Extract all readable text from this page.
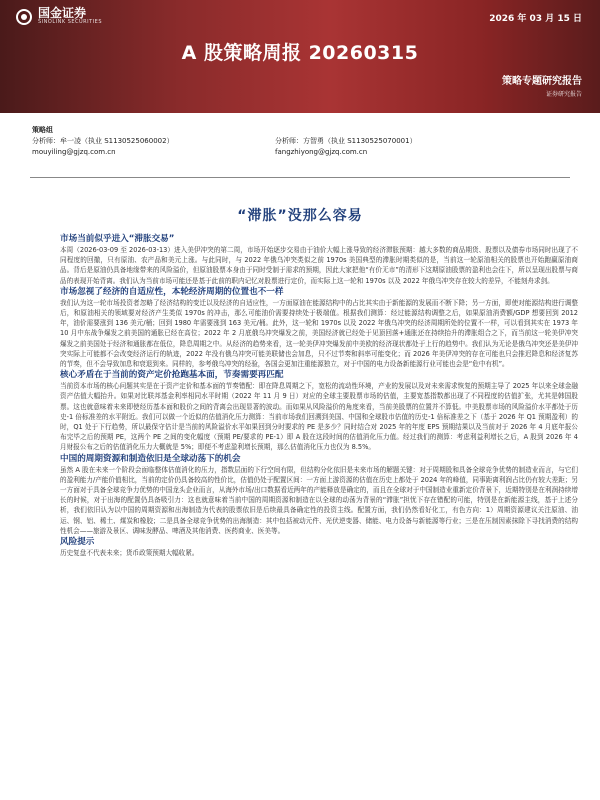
国金证券
SINOLINK SECURITIES	2026 年 03 月 15 日
A 股策略周报 20260315
策略专题研究报告
证券研究报告
策略组
分析师：牟一凌（执业 S1130525060002）	分析师：方智勇（执业 S1130525070001）
mouyiling@gjzq.com.cn	fangzhiyong@gjzq.com.cn
“滞胀”没那么容易
市场当前似乎进入“滞胀交易”
本周（2026-03-09 至 2026-03-13）进入美伊冲突的第二周，市场开始逐步交易由于油价大幅上涨导致的经济滞胀预期：越大多数的商品期货、股票以及债券市场同时出现了不同程度的回撤，只有原油、农产品和美元上涨。与此同时，与 2022 年俄乌冲突类似之前 1970s 美国典型的滞胀时期类似的是，当前这一轮原油相关的股票也开始跑赢原油商品。背后是原油仍具备地缘带来的风险溢价，但原油股票本身由于同时受制于需求的预期，因此大家把他“有价无市”的清形下这期原油股票的盈利也会往下，所以呈现出股票与商品的表现开始背离。我们认为当前市场可能还是基于此前的职内记忆对股票进行定价，而实际上这一轮和 1970s 以及 2022 年俄乌冲突存在较大的差异，不能刻舟求剑。
市场忽视了经济的自适应性，本轮经济周期的位置也不一样
我们认为这一轮市场投资者忽略了经济结构的变迁以及经济的自适应性，一方面原油在能源结构中的占比其实由于新能源的发展而不断下降；另一方面，即使对能源结构进行调整后，和原油相关的领域要对经济产生类似 1970s 的冲击，那么可能油价需要持续处于极端值。根据我们测算：经过能源结构调整之后，如果原油消费额/GDP 想要回到 2012 年，油价需要涨到 136 美元/桶；回到 1980 年需要涨到 163 美元/桶。此外，这一轮和 1970s 以及 2022 年俄乌冲突的经济周期所处的位置不一样，可以看到其实在 1973 年 10 月中东战争爆发之前美国的通胀已经在高位；2022 年 2 月底俄乌冲突爆发之前，美国经济就已经处于见顶回落+通胀还在持续抬升的滞胀组合之下，而当前这一轮美伊冲突爆发之前美国处于经济和通胀都在低位，降息周期之中。从经济的趋势来看，这一轮美伊冲突爆发前中美欧的经济现状都处于上行的趋势中。我们认为无论是俄乌冲突还是美伊冲突实际上可能都不会改变经济运行的轨迹，2022 年没有俄乌冲突可能美联储也会加息，只不过节奏和斜率可能变化；而 2026 年美伊冲突的存在可能也只会推迟降息和经济复苏的节奏，但不会导致加息和衰退到来。同样的，参考俄乌冲突的经验，各国会更加注重能源独立，对于中国的电力设备新能源行业可能也会是“危中有机”。
核心矛盾在于当前的资产定价抢跑基本面，节奏需要再匹配
当前资本市场的核心问题其实是在于资产定价和基本面的节奏错配：即在降息周期之下，宽松的流动性环境，产业的发展以及对未来需求恢复的预期主导了 2025 年以来全球金融资产估值大幅抬升。如果对比联邦基金利率相同水平时期（2022 年 11 月 9 日）对应的全球主要股票市场的估值，主要宽基指数都出现了不同程度的估值扩张，尤其是韩国股票。这也就意味着未来即使经历基本面和股价之间的背离会出现显著的波动。而如果从风险溢价的角度来看，当前美股票的位置并不算低。中美股票市场的风险溢价水平都处于历史-1 倍标准差的水平附近。我们可以做一个近似的估值消化压力测算：当前市场我们回溯到美国、中国和全球股市估值的历史-1 倍标准差之下（基于 2026 年 Q1 预期盈利）的时，Q1 处于下行趋势，所以最保守估计是当前的风险溢价水平如果回到分时要求的 PE 是多少？同时结合对 2025 年的年度 EPS 预期结果以及当前对于 2026 年 4 月底年报公布完毕之后的预期 PE，这两个 PE 之间的变化幅度（预期 PE/要求的 PE-1）即 A 股在这段时间的估值消化压力值。经过我们的测算：考虑利益利增长之后，A 股到 2026 年 4 月财报公布之后的估值消化压力大概就是 5%；即便不考虑盈利增长预期，那么估值消化压力也仅为 8.5%。
中国的周期资源和制造依旧是全球动荡下的机会
虽然 A 股在未来一个阶段会面临整体估值消化的压力，指数层面的下行空间有限，但结构分化依旧是未来市场的解题关键：对于周期股和具备全球竞争优势的制造业而言，与它们的盈利能力/产能价值相比，当前的定价仍具备较高的性价比，估值仍处于配置区间：一方面上游资源的估值在历史上都处于 2024 年的峰值，同事距离利润占比仍有较大差距；另一方面对于具备全球竞争力优势的中国龙头企业而言，从海外市场/出口数据看近两年的产能释放是确定的，而且在全球对于中国制造业重新定价背景下，近期特别是在利润持续增长的时候，对于出海的配置仍具备吸引力：这也就意味着当前中国的周期资源和制造在以全球的动荡为背景的“滞胀”担忧下存在错配的可能，特别是在新能源主线，基于上述分析，我们依旧认为以中国的周期资源和出海制造为代表的股票依旧是后续最具备确定性的投资主线。配置方面，我们仍然看好化工，有色方向：1）周期资源建议关注原油、油运、钢、铝、稀土、煤炭和橡胶；二是具备全球竞争优势的出海制造：其中包括被动元件、光伏逆变器、储能、电力设备与新能源等行业；三是在压制因素抹除下寻找消费的结构性机会——旅游及景区、调味发酵品、啤酒及其他消费、医药商业、医美等。
风险提示
历史复盘不代表未来；货币政策预期大幅收紧。
